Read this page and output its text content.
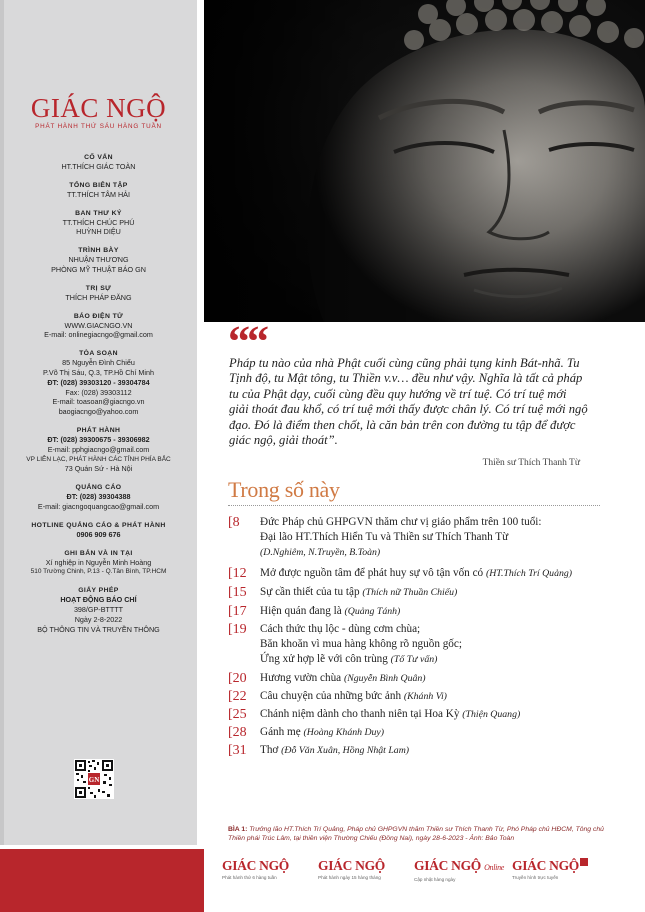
GIÁC NGỘ
PHÁT HÀNH THỨ SÁU HÀNG TUẦN
CỐ VẤN
HT.THÍCH GIÁC TOÀN
TỔNG BIÊN TẬP
TT.THÍCH TÂM HẢI
BAN THƯ KÝ
TT.THÍCH CHÚC PHÚ
HUỲNH DIỆU
TRÌNH BÀY
NHUẬN THƯƠNG
PHÒNG MỸ THUẬT BÁO GN
TRỊ SỰ
THÍCH PHÁP ĐĂNG
BÁO ĐIỆN TỬ
WWW.GIACNGO.VN
E-mail: onlinegiacngo@gmail.com
TÒA SOẠN
85 Nguyễn Đình Chiểu
P.Võ Thị Sáu, Q.3, TP.Hồ Chí Minh
ĐT: (028) 39303120 - 39304784
Fax: (028) 39303112
E-mail: toasoan@giacngo.vn
baogiacngo@yahoo.com
PHÁT HÀNH
ĐT: (028) 39300675 - 39306982
E-mail: pphgiacngo@gmail.com
VP LIÊN LẠC, PHÁT HÀNH CÁC TỈNH PHÍA BẮC
73 Quán Sứ - Hà Nội
QUẢNG CÁO
ĐT: (028) 39304388
E-mail: giacngoquangcao@gmail.com
HOTLINE QUẢNG CÁO & PHÁT HÀNH
0906 909 676
GHI BẢN VÀ IN TẠI
Xí nghiệp in Nguyễn Minh Hoàng
510 Trường Chinh, P.13 - Q.Tân Bình, TP.HCM
GIẤY PHÉP
HOẠT ĐỘNG BÁO CHÍ
398/GP-BTTTT
Ngày 2-8-2022
BỘ THÔNG TIN VÀ TRUYỀN THÔNG
GN
““
Pháp tu nào của nhà Phật cuối cùng cũng phải tụng kinh Bát-nhã. Tu Tịnh độ, tu Mật tông, tu Thiền v.v… đều như vậy. Nghĩa là tất cả pháp tu của Phật dạy, cuối cùng đều quy hướng về trí tuệ. Có trí tuệ mới giải thoát đau khổ, có trí tuệ mới thấy được chân lý. Có trí tuệ mới ngộ đạo. Đó là điểm then chốt, là căn bản trên con đường tu tập để được giác ngộ, giải thoát”.
Thiền sư Thích Thanh Từ
Trong số này
[8 Đức Pháp chủ GHPGVN thăm chư vị giáo phẩm trên 100 tuổi:
Đại lão HT.Thích Hiển Tu và Thiền sư Thích Thanh Từ
(D.Nghiêm, N.Truyền, B.Toàn)
[12 Mở được nguồn tâm để phát huy sự vô tận vốn có (HT.Thích Trí Quảng)
[15 Sự cần thiết của tu tập (Thích nữ Thuần Chiếu)
[17 Hiện quán đang là (Quảng Tánh)
[19 Cách thức thụ lộc - dùng cơm chùa;
Băn khoăn vì mua hàng không rõ nguồn gốc;
Ứng xử hợp lẽ với côn trùng (Tố Tư vấn)
[20 Hương vườn chùa (Nguyễn Bình Quân)
[22 Câu chuyện của những bức ảnh (Khánh Vi)
[25 Chánh niệm dành cho thanh niên tại Hoa Kỳ (Thiện Quang)
[28 Gánh mẹ (Hoàng Khánh Duy)
[31 Thơ (Đỗ Văn Xuân, Hồng Nhật Lam)
BÌA 1: Trưởng lão HT.Thích Trí Quảng, Pháp chủ GHPGVN thăm Thiền sư Thích Thanh Từ, Phó Pháp chủ HĐCM, Tông chủ Thiền phái Trúc Lâm, tại thiền viện Thường Chiếu (Đồng Nai), ngày 28-6-2023 - Ảnh: Bảo Toàn
GIÁC NGỘ
Phát hành thứ 6 hàng tuần
GIÁC NGỘ
Phát hành ngày 15 hàng tháng
GIÁC NGỘ Online
Cập nhật hàng ngày
GIÁC NGỘ
Truyền hình trực tuyến
